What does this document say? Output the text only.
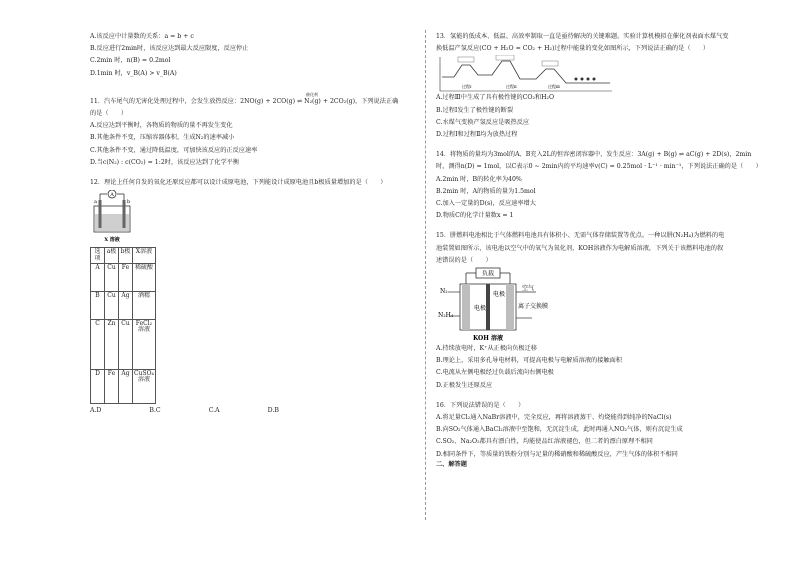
A.该反应中计量数的关系：a = b + c

B.反应进行2min时，该反应达到最大反应限度，反应停止

C.2min 时，n(B) = 0.2mol

D.1min 时，v_B(A) > v_B(A)

催化剂

11．汽车尾气的无害化处理过程中，会发生放热反应：2NO(g) + 2CO(g) ⇌ N₂(g) + 2CO₂(g)，下列说法正确

的是（　　）

A.反应达到平衡时，各物质的物质的量不再发生变化

B.其他条件不变，压缩容器体积，生成N₂的速率减小

C.其他条件不变，通过降低温度，可加快该反应的正反应速率

D.当c(N₂) : c(CO₂) = 1:2时，该反应达到了化学平衡

12．理论上任何自发的氧化还原反应都可以设计成原电池，下列能设计成原电池且b极质量增加的是（　　）

A
a	b
X 溶液
选项	a极	b极	X溶液
A	Cu	Fe	稀硫酸
B	Cu	Ag	酒精
C	Zn	Cu	FeCl₂溶液
D	Fe	Ag	CuSO₄溶液
A.D	B.C	C.A	D.B

13．氢能的低成本、低温、高效率制取一直是亟待解决的关键难题。实验计算机模拟在催化剂表面水煤气变

换低温产氢反应(CO + H₂O = CO₂ + H₂)过程中能量的变化如图所示，下列说法正确的是（　　）

过程Ⅰ	过程Ⅱ	过程Ⅲ

A.过程Ⅲ中生成了具有极性键的CO₂和H₂O

B.过程Ⅰ发生了极性键的断裂

C.水煤气变换产氢反应是吸热反应

D.过程Ⅰ和过程Ⅱ均为放热过程

14．将物质的量均为3mol的A、B充入2L的恒容密闭容器中，发生反应：3A(g) + B(g) ⇌ aC(g) + 2D(s)，2min

时，测得n(D) = 1mol，以C表示0 ~ 2min内的平均速率v(C) = 0.25mol · L⁻¹ · min⁻¹，下列说法正确的是（　　）

A.2min 时，B的转化率为40%

B.2min 时，A的物质的量为1.5mol

C.加入一定量的D(s)，反应速率增大

D.物质C的化学计量数x = 1

15．肼燃料电池相比于气体燃料电池具有体积小、无需气体存储装置等优点。一种以肼(N₂H₄)为燃料的电

池装置如图所示，该电池以空气中的氧气为氧化剂，KOH溶液作为电解质溶液，下列关于该燃料电池的叙

述错误的是（　　）

负载
电极
电极
离子交换膜
N₂
N₂H₄
空气
KOH 溶液

A.持续放电时，K⁺从正极向负极迁移

B.理论上，采用多孔导电材料，可提高电极与电解质溶液的接触面积

C.电流从左侧电极经过负载后流向右侧电极

D.正极发生还原反应

16．下列说法错误的是（　　）

A.将足量Cl₂通入NaBr溶液中，完全反应，再将溶液蒸干、灼烧能得到纯净的NaCl(s)

B.向SO₂气体通入BaCl₂溶液中至饱和，无沉淀生成，此时再通入NO₂气体，则有沉淀生成

C.SO₂、Na₂O₂都具有漂白性，均能使品红溶液褪色，但二者的漂白原理不相同

D.相同条件下，等质量的铁粉分别与足量的稀硝酸和稀硫酸反应，产生气体的体积不相同

二、解答题
